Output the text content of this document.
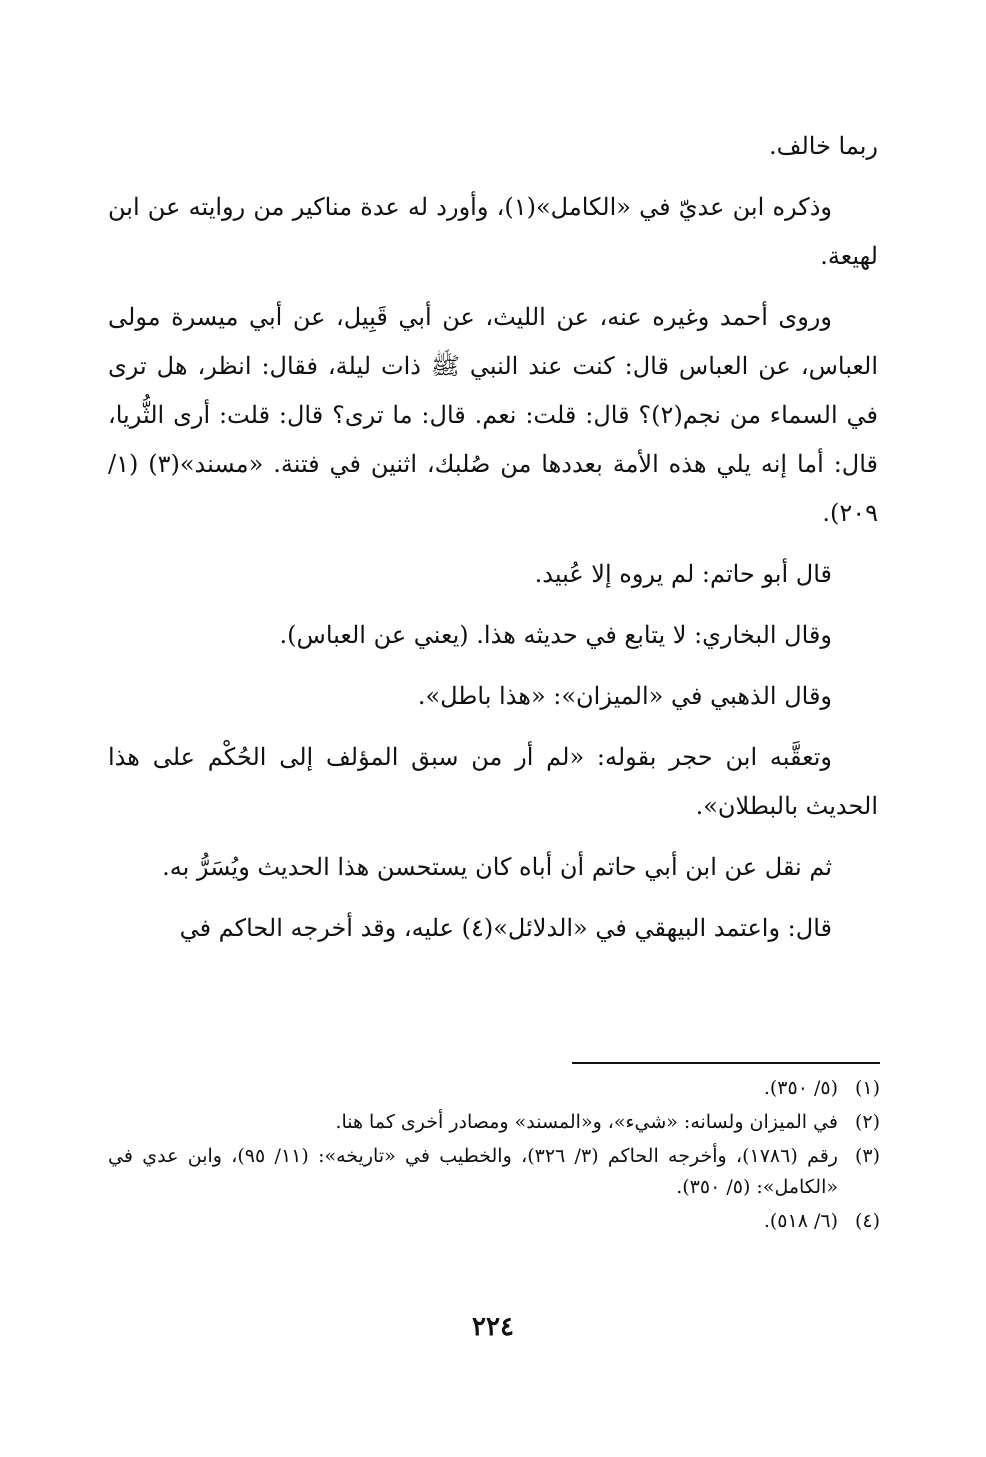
ربما خالف.

وذكره ابن عديّ في «الكامل»(١)، وأورد له عدة مناكير من روايته عن ابن لهيعة.

وروى أحمد وغيره عنه، عن الليث، عن أبي قَبِيل، عن أبي ميسرة مولى العباس، عن العباس قال: كنت عند النبي ﷺ ذات ليلة، فقال: انظر، هل ترى في السماء من نجم(٢)؟ قال: قلت: نعم. قال: ما ترى؟ قال: قلت: أرى الثُّريا، قال: أما إنه يلي هذه الأمة بعددها من صُلبك، اثنين في فتنة. «مسند»(٣) (١/ ٢٠٩).

قال أبو حاتم: لم يروه إلا عُبيد.

وقال البخاري: لا يتابع في حديثه هذا. (يعني عن العباس).

وقال الذهبي في «الميزان»: «هذا باطل».

وتعقَّبه ابن حجر بقوله: «لم أر من سبق المؤلف إلى الحُكْم على هذا الحديث بالبطلان».

ثم نقل عن ابن أبي حاتم أن أباه كان يستحسن هذا الحديث ويُسَرُّ به.

قال: واعتمد البيهقي في «الدلائل»(٤) عليه، وقد أخرجه الحاكم في

(١)
(٥/ ٣٥٠).
(٢)
في الميزان ولسانه: «شيء»، و«المسند» ومصادر أخرى كما هنا.
(٣)
رقم (١٧٨٦)، وأخرجه الحاكم (٣/ ٣٢٦)، والخطيب في «تاريخه»: (١١/ ٩٥)، وابن عدي في «الكامل»: (٥/ ٣٥٠).
(٤)
(٦/ ٥١٨).
٢٢٤
